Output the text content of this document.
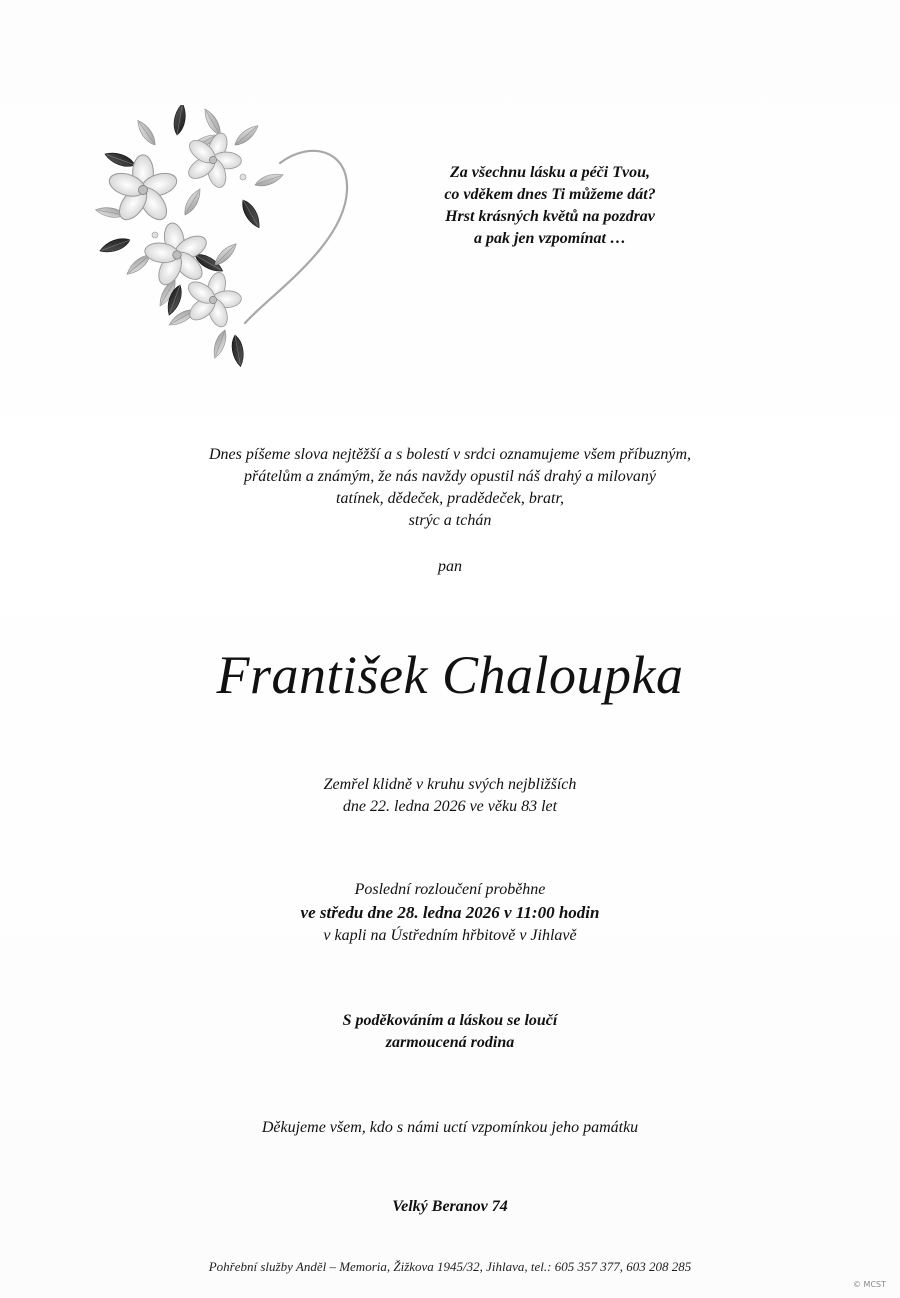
Za všechnu lásku a péči Tvou,
co vděkem dnes Ti můžeme dát?
Hrst krásných květů na pozdrav
a pak jen vzpomínat …
Dnes píšeme slova nejtěžší a s bolestí v srdci oznamujeme všem příbuzným,
přátelům a známým, že nás navždy opustil náš drahý a milovaný
tatínek, dědeček, pradědeček, bratr,
strýc a tchán
pan
František Chaloupka
Zemřel klidně v kruhu svých nejbližších
dne 22. ledna 2026 ve věku 83 let
Poslední rozloučení proběhne
ve středu dne 28. ledna 2026 v 11:00 hodin
v kapli na Ústředním hřbitově v Jihlavě
S poděkováním a láskou se loučí
zarmoucená rodina
Děkujeme všem, kdo s námi uctí vzpomínkou jeho památku
Velký Beranov 74
Pohřební služby Anděl – Memoria, Žižkova 1945/32, Jihlava, tel.: 605 357 377, 603 208 285
© MCST
